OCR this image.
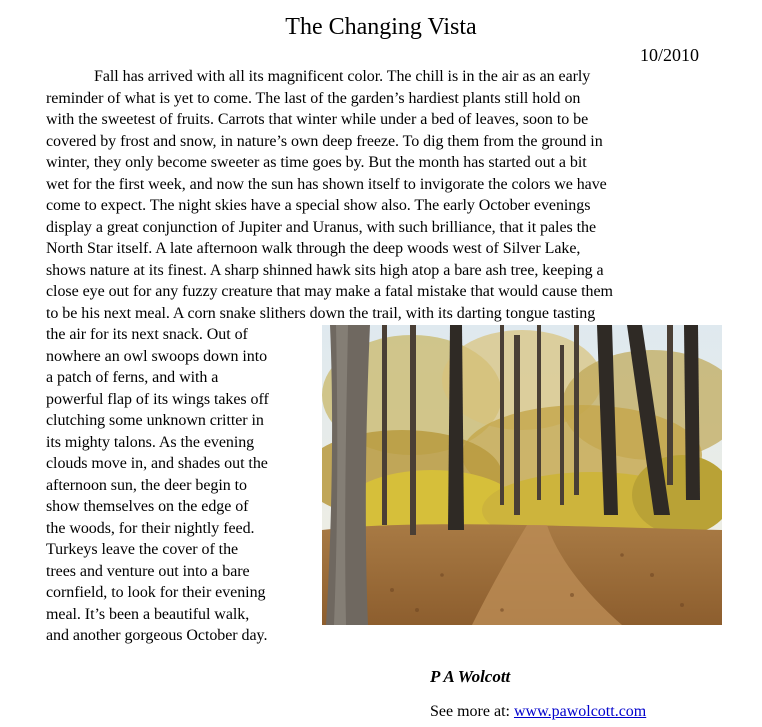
The Changing Vista
10/2010
Fall has arrived with all its magnificent color. The chill is in the air as an early
reminder of what is yet to come. The last of the garden’s hardiest plants still hold on
with the sweetest of fruits. Carrots that winter while under a bed of leaves, soon to be
covered by frost and snow, in nature’s own deep freeze. To dig them from the ground in
winter, they only become sweeter as time goes by. But the month has started out a bit
wet for the first week, and now the sun has shown itself to invigorate the colors we have
come to expect. The night skies have a special show also. The early October evenings
display a great conjunction of Jupiter and Uranus, with such brilliance, that it pales the
North Star itself. A late afternoon walk through the deep woods west of Silver Lake,
shows nature at its finest. A sharp shinned hawk sits high atop a bare ash tree, keeping a
close eye out for any fuzzy creature that may make a fatal mistake that would cause them
to be his next meal. A corn snake slithers down the trail, with its darting tongue tasting
the air for its next snack. Out of
nowhere an owl swoops down into
a patch of ferns, and with a
powerful flap of its wings takes off
clutching some unknown critter in
its mighty talons. As the evening
clouds move in, and shades out the
afternoon sun, the deer begin to
show themselves on the edge of
the woods, for their nightly feed.
Turkeys leave the cover of the
trees and venture out into a bare
cornfield, to look for their evening
meal. It’s been a beautiful walk,
and another gorgeous October day.
P A Wolcott
See more at: www.pawolcott.com
